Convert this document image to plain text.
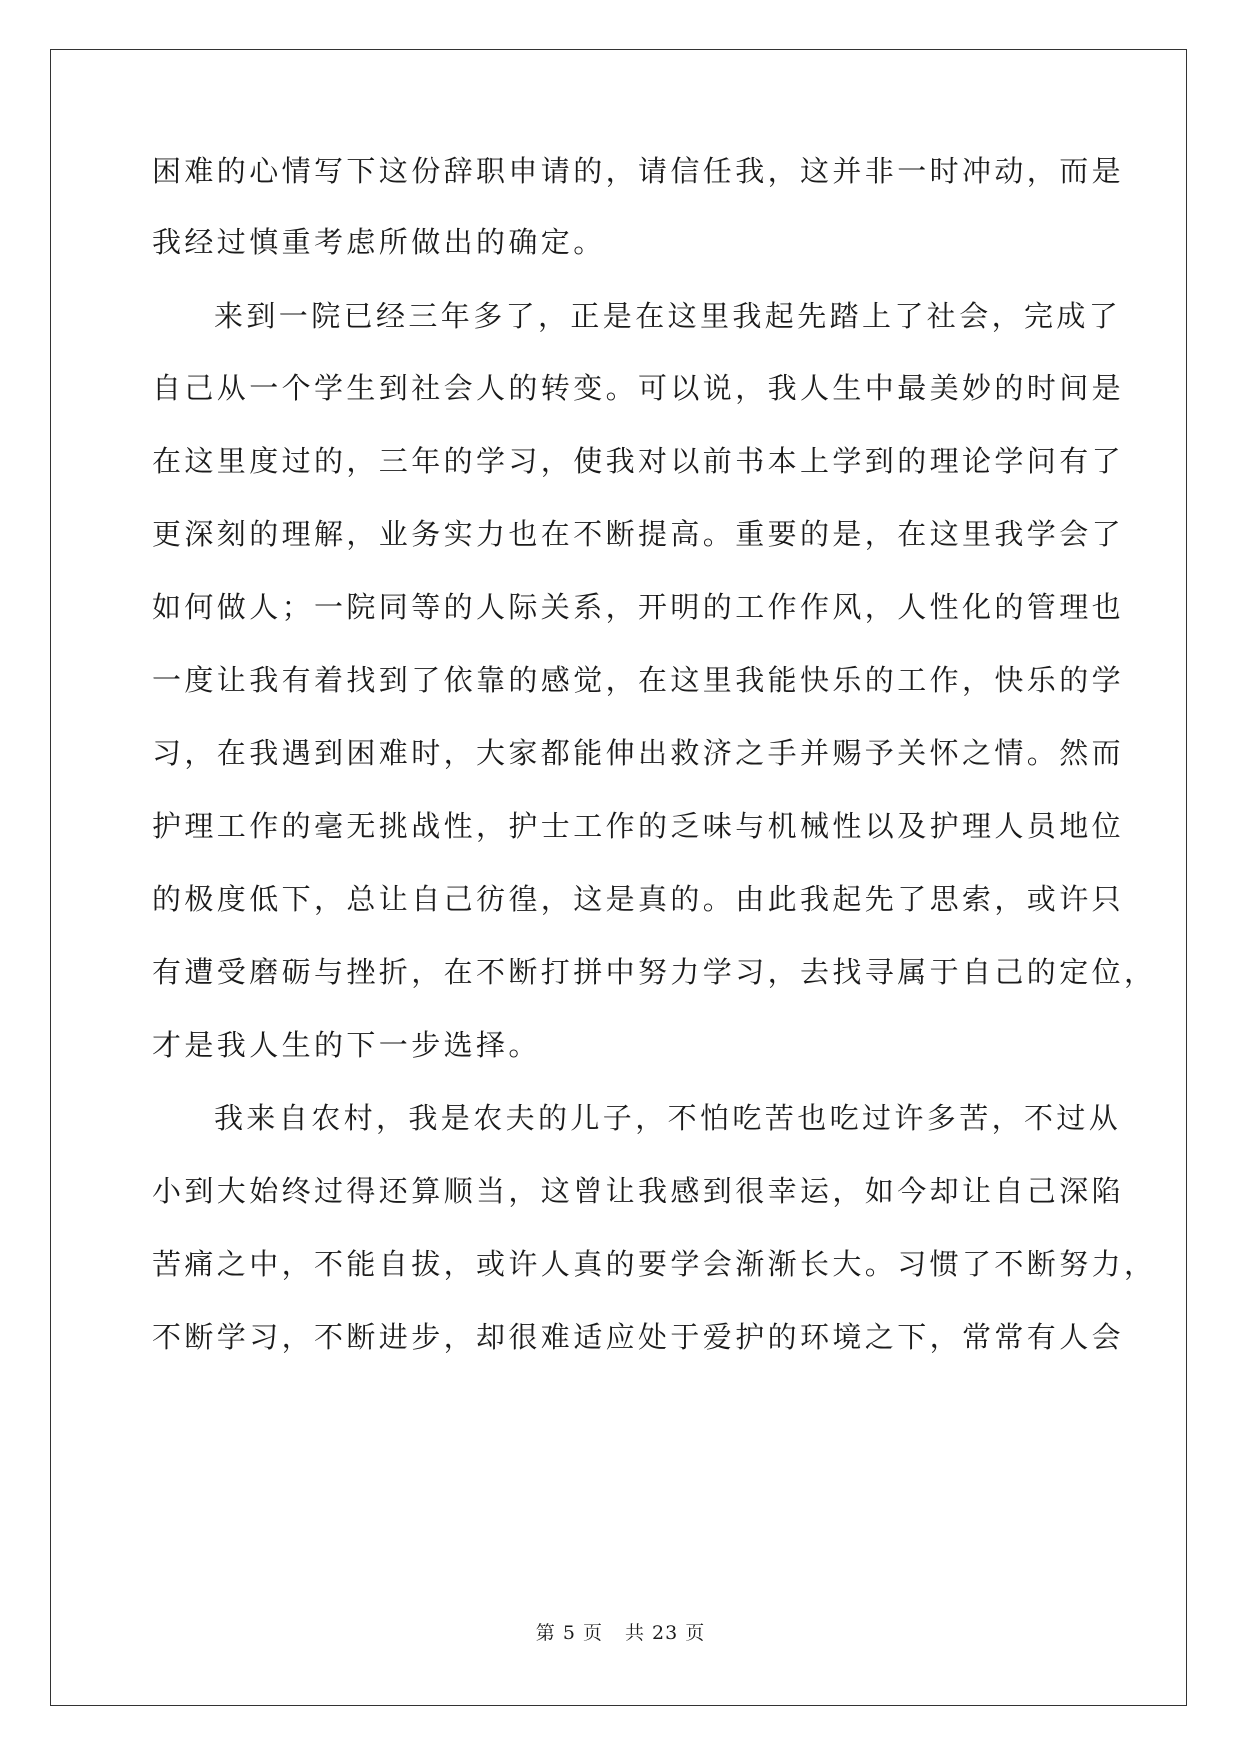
困难的心情写下这份辞职申请的，请信任我，这并非一时冲动，而是
我经过慎重考虑所做出的确定。
来到一院已经三年多了，正是在这里我起先踏上了社会，完成了
自己从一个学生到社会人的转变。可以说，我人生中最美妙的时间是
在这里度过的，三年的学习，使我对以前书本上学到的理论学问有了
更深刻的理解，业务实力也在不断提高。重要的是，在这里我学会了
如何做人；一院同等的人际关系，开明的工作作风，人性化的管理也
一度让我有着找到了依靠的感觉，在这里我能快乐的工作，快乐的学
习，在我遇到困难时，大家都能伸出救济之手并赐予关怀之情。然而
护理工作的毫无挑战性，护士工作的乏味与机械性以及护理人员地位
的极度低下，总让自己彷徨，这是真的。由此我起先了思索，或许只
有遭受磨砺与挫折，在不断打拼中努力学习，去找寻属于自己的定位，
才是我人生的下一步选择。
我来自农村，我是农夫的儿子，不怕吃苦也吃过许多苦，不过从
小到大始终过得还算顺当，这曾让我感到很幸运，如今却让自己深陷
苦痛之中，不能自拔，或许人真的要学会渐渐长大。习惯了不断努力，
不断学习，不断进步，却很难适应处于爱护的环境之下，常常有人会
第 5 页 共 23 页
